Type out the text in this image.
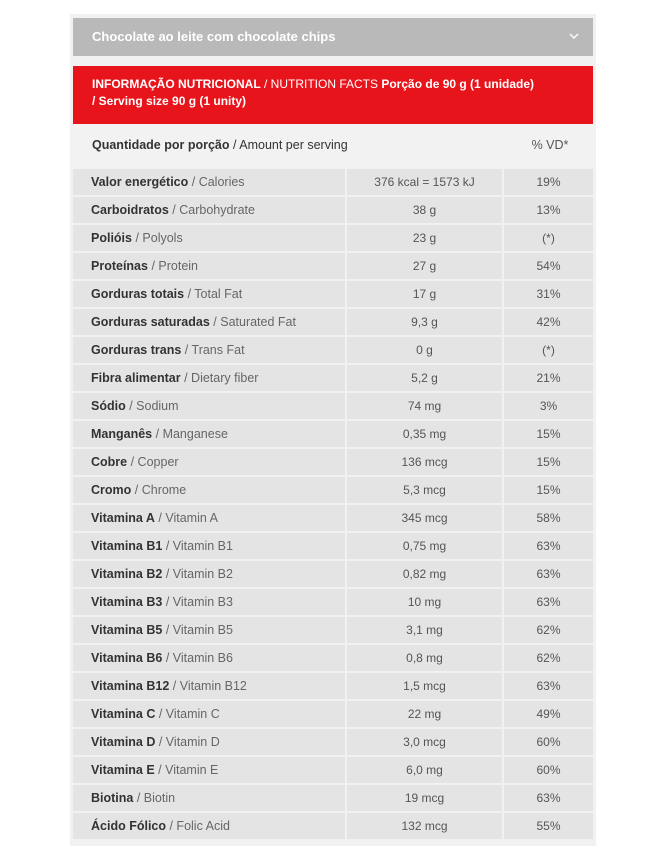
Chocolate ao leite com chocolate chips
INFORMAÇÃO NUTRICIONAL / NUTRITION FACTS Porção de 90 g (1 unidade)
/ Serving size 90 g (1 unity)
Quantidade por porção / Amount per serving	% VD*
Valor energético / Calories	376 kcal = 1573 kJ	19%
Carboidratos / Carbohydrate	38 g	13%
Polióis / Polyols	23 g	(*)
Proteínas / Protein	27 g	54%
Gorduras totais / Total Fat	17 g	31%
Gorduras saturadas / Saturated Fat	9,3 g	42%
Gorduras trans / Trans Fat	0 g	(*)
Fibra alimentar / Dietary fiber	5,2 g	21%
Sódio / Sodium	74 mg	3%
Manganês / Manganese	0,35 mg	15%
Cobre / Copper	136 mcg	15%
Cromo / Chrome	5,3 mcg	15%
Vitamina A / Vitamin A	345 mcg	58%
Vitamina B1 / Vitamin B1	0,75 mg	63%
Vitamina B2 / Vitamin B2	0,82 mg	63%
Vitamina B3 / Vitamin B3	10 mg	63%
Vitamina B5 / Vitamin B5	3,1 mg	62%
Vitamina B6 / Vitamin B6	0,8 mg	62%
Vitamina B12 / Vitamin B12	1,5 mcg	63%
Vitamina C / Vitamin C	22 mg	49%
Vitamina D / Vitamin D	3,0 mcg	60%
Vitamina E / Vitamin E	6,0 mg	60%
Biotina / Biotin	19 mcg	63%
Ácido Fólico / Folic Acid	132 mcg	55%
